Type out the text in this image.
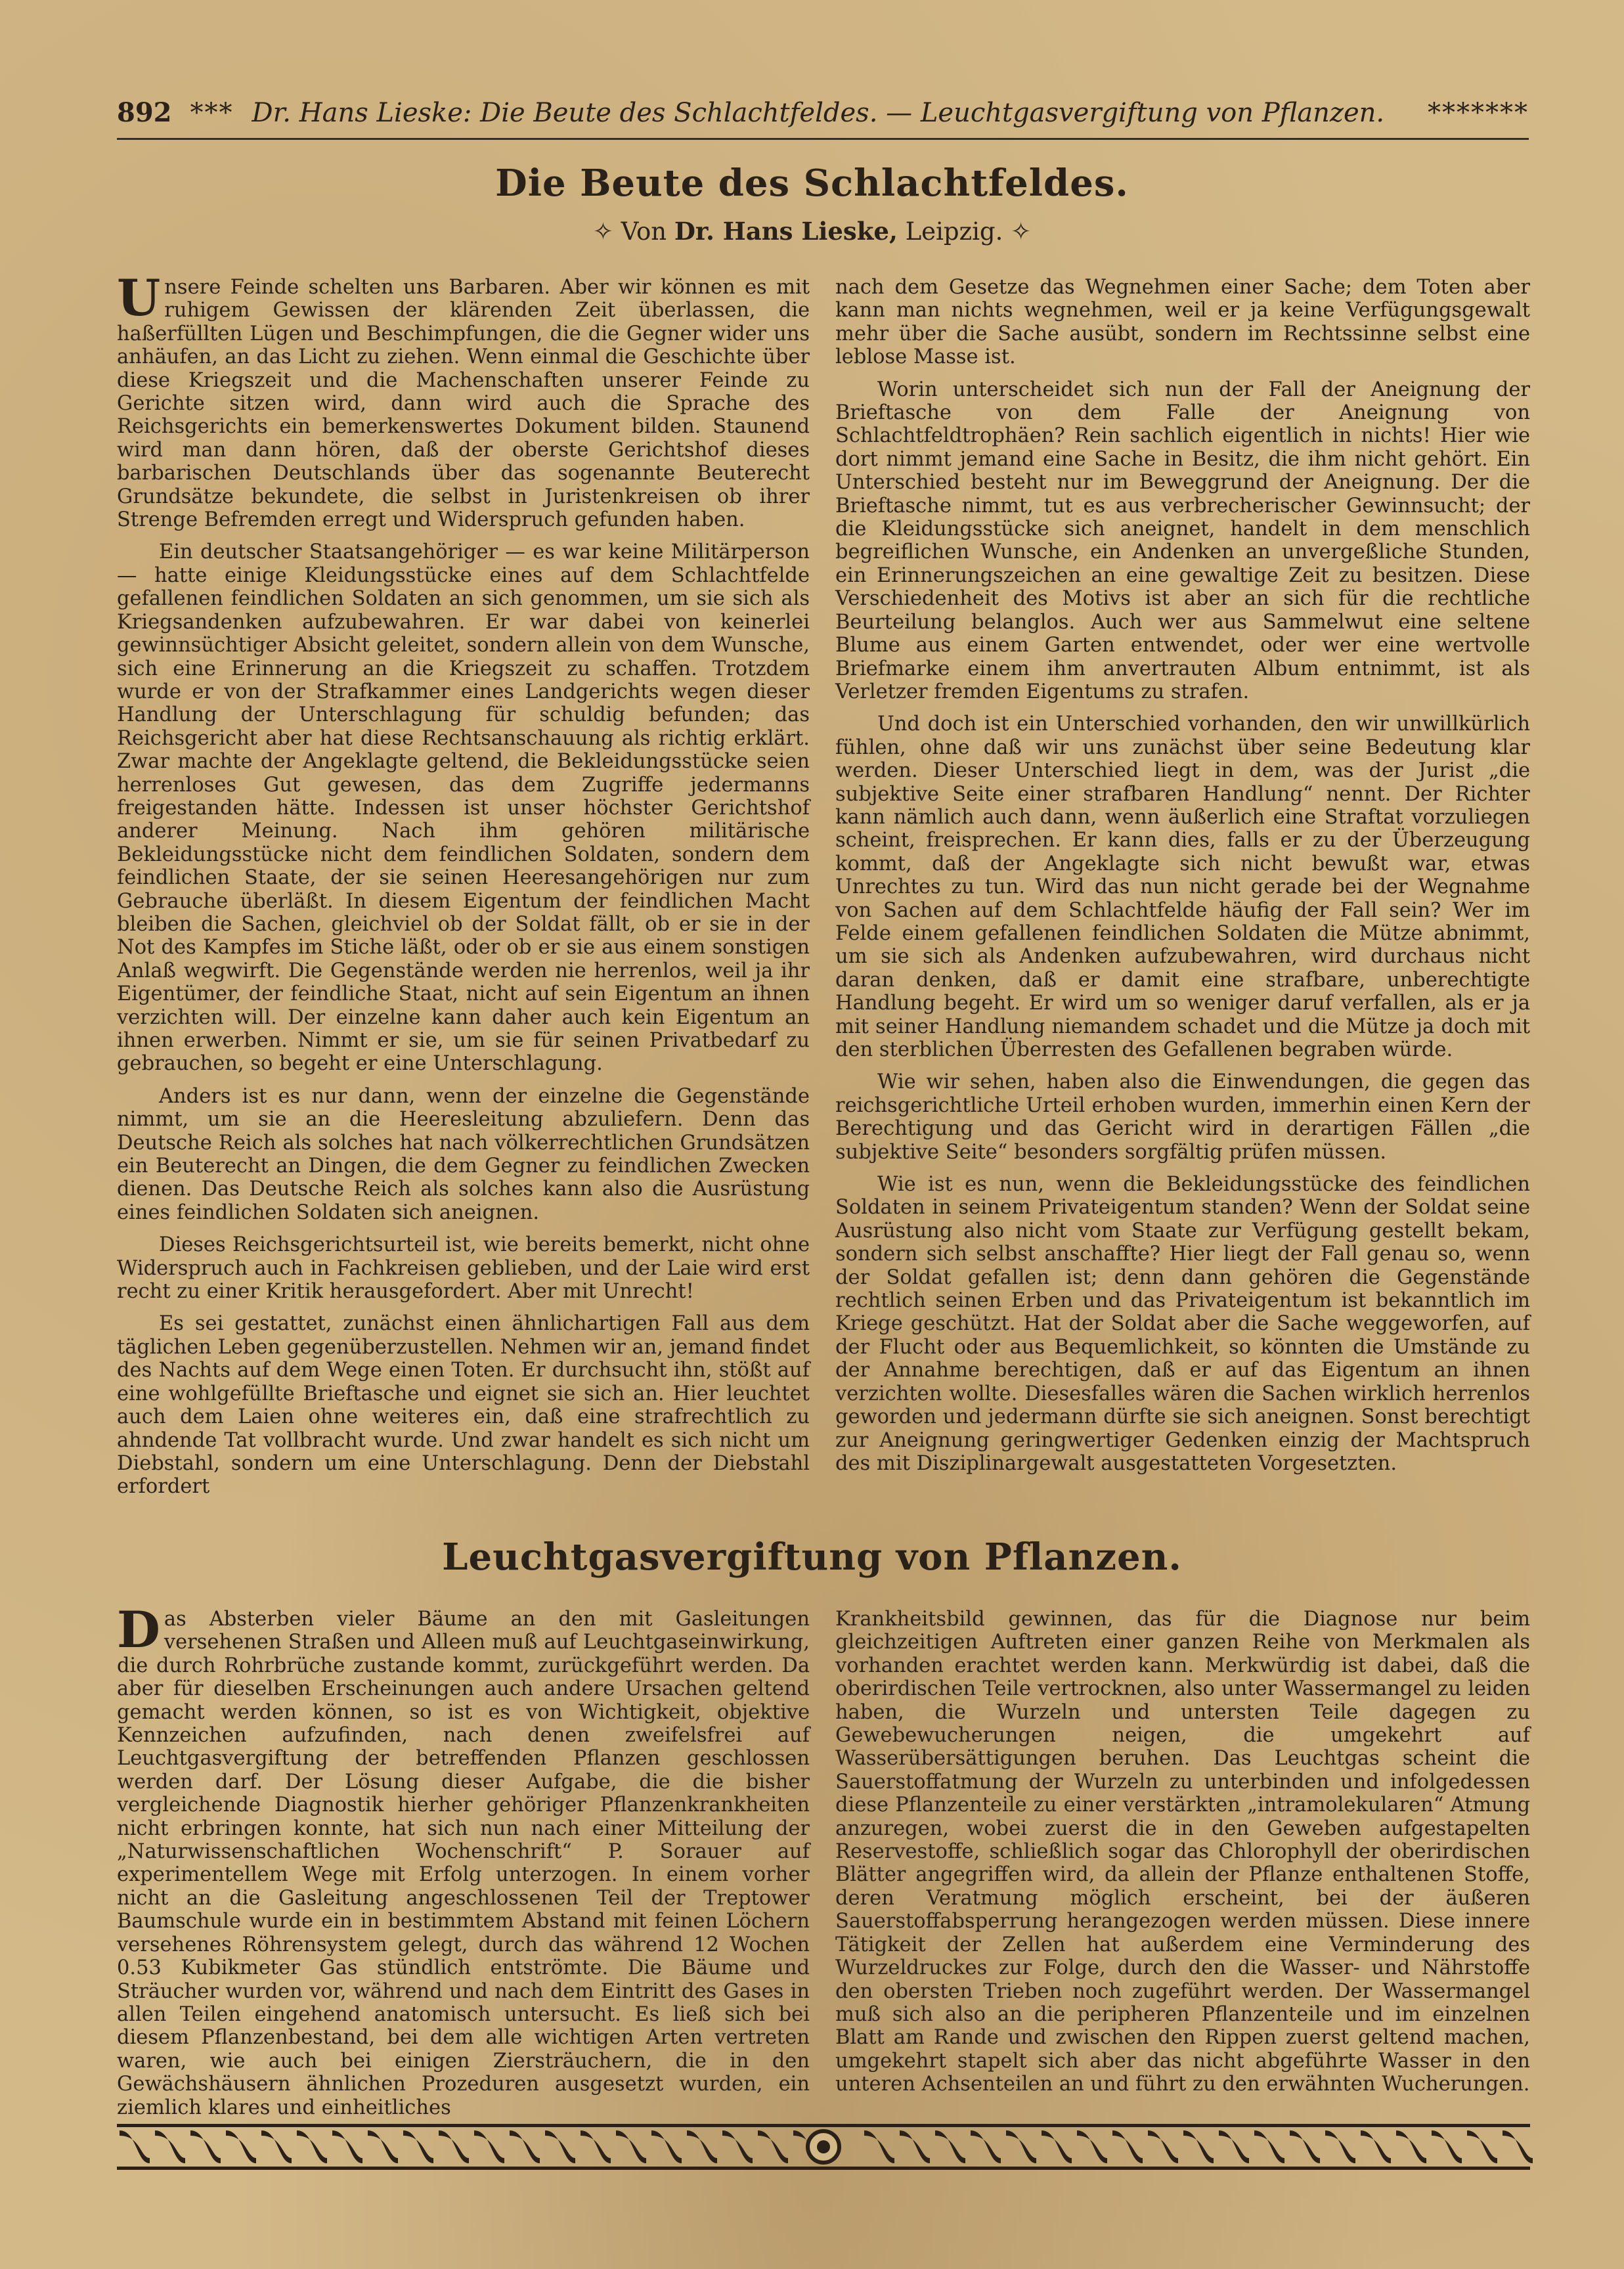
892 *** Dr. Hans Lieske: Die Beute des Schlachtfeldes. — Leuchtgasvergiftung von Pflanzen.	*******
Die Beute des Schlachtfeldes.
✧ Von Dr. Hans Lieske, Leipzig. ✧

Unsere Feinde schelten uns Barbaren. Aber wir können es mit ruhigem Gewissen der klärenden Zeit überlassen, die haßerfüllten Lügen und Beschimpfungen, die die Gegner wider uns anhäufen, an das Licht zu ziehen. Wenn einmal die Geschichte über diese Kriegszeit und die Machenschaften unserer Feinde zu Gerichte sitzen wird, dann wird auch die Sprache des Reichsgerichts ein bemerkenswertes Dokument bilden. Staunend wird man dann hören, daß der oberste Gerichtshof dieses barbarischen Deutschlands über das sogenannte Beuterecht Grundsätze bekundete, die selbst in Juristenkreisen ob ihrer Strenge Befremden erregt und Widerspruch gefunden haben.

Ein deutscher Staatsangehöriger — es war keine Militärperson — hatte einige Kleidungsstücke eines auf dem Schlachtfelde gefallenen feindlichen Soldaten an sich genommen, um sie sich als Kriegsandenken aufzubewahren. Er war dabei von keinerlei gewinnsüchtiger Absicht geleitet, sondern allein von dem Wunsche, sich eine Erinnerung an die Kriegszeit zu schaffen. Trotzdem wurde er von der Strafkammer eines Landgerichts wegen dieser Handlung der Unterschlagung für schuldig befunden; das Reichsgericht aber hat diese Rechtsanschauung als richtig erklärt. Zwar machte der Angeklagte geltend, die Bekleidungsstücke seien herrenloses Gut gewesen, das dem Zugriffe jedermanns freigestanden hätte. Indessen ist unser höchster Gerichtshof anderer Meinung. Nach ihm gehören militärische Bekleidungsstücke nicht dem feindlichen Soldaten, sondern dem feindlichen Staate, der sie seinen Heeresangehörigen nur zum Gebrauche überläßt. In diesem Eigentum der feindlichen Macht bleiben die Sachen, gleichviel ob der Soldat fällt, ob er sie in der Not des Kampfes im Stiche läßt, oder ob er sie aus einem sonstigen Anlaß wegwirft. Die Gegenstände werden nie herrenlos, weil ja ihr Eigentümer, der feindliche Staat, nicht auf sein Eigentum an ihnen verzichten will. Der einzelne kann daher auch kein Eigentum an ihnen erwerben. Nimmt er sie, um sie für seinen Privatbedarf zu gebrauchen, so begeht er eine Unterschlagung.

Anders ist es nur dann, wenn der einzelne die Gegenstände nimmt, um sie an die Heeresleitung abzuliefern. Denn das Deutsche Reich als solches hat nach völkerrechtlichen Grundsätzen ein Beuterecht an Dingen, die dem Gegner zu feindlichen Zwecken dienen. Das Deutsche Reich als solches kann also die Ausrüstung eines feindlichen Soldaten sich aneignen.

Dieses Reichsgerichtsurteil ist, wie bereits bemerkt, nicht ohne Widerspruch auch in Fachkreisen geblieben, und der Laie wird erst recht zu einer Kritik herausgefordert. Aber mit Unrecht!

Es sei gestattet, zunächst einen ähnlichartigen Fall aus dem täglichen Leben gegenüberzustellen. Nehmen wir an, jemand findet des Nachts auf dem Wege einen Toten. Er durchsucht ihn, stößt auf eine wohlgefüllte Brieftasche und eignet sie sich an. Hier leuchtet auch dem Laien ohne weiteres ein, daß eine strafrechtlich zu ahndende Tat vollbracht wurde. Und zwar handelt es sich nicht um Diebstahl, sondern um eine Unterschlagung. Denn der Diebstahl erfordert

nach dem Gesetze das Wegnehmen einer Sache; dem Toten aber kann man nichts wegnehmen, weil er ja keine Verfügungsgewalt mehr über die Sache ausübt, sondern im Rechtssinne selbst eine leblose Masse ist.

Worin unterscheidet sich nun der Fall der Aneignung der Brieftasche von dem Falle der Aneignung von Schlachtfeldtrophäen? Rein sachlich eigentlich in nichts! Hier wie dort nimmt jemand eine Sache in Besitz, die ihm nicht gehört. Ein Unterschied besteht nur im Beweggrund der Aneignung. Der die Brieftasche nimmt, tut es aus verbrecherischer Gewinnsucht; der die Kleidungsstücke sich aneignet, handelt in dem menschlich begreiflichen Wunsche, ein Andenken an unvergeßliche Stunden, ein Erinnerungszeichen an eine gewaltige Zeit zu besitzen. Diese Verschiedenheit des Motivs ist aber an sich für die rechtliche Beurteilung belanglos. Auch wer aus Sammelwut eine seltene Blume aus einem Garten entwendet, oder wer eine wertvolle Briefmarke einem ihm anvertrauten Album entnimmt, ist als Verletzer fremden Eigentums zu strafen.

Und doch ist ein Unterschied vorhanden, den wir unwillkürlich fühlen, ohne daß wir uns zunächst über seine Bedeutung klar werden. Dieser Unterschied liegt in dem, was der Jurist „die subjektive Seite einer strafbaren Handlung“ nennt. Der Richter kann nämlich auch dann, wenn äußerlich eine Straftat vorzuliegen scheint, freisprechen. Er kann dies, falls er zu der Überzeugung kommt, daß der Angeklagte sich nicht bewußt war, etwas Unrechtes zu tun. Wird das nun nicht gerade bei der Wegnahme von Sachen auf dem Schlachtfelde häufig der Fall sein? Wer im Felde einem gefallenen feindlichen Soldaten die Mütze abnimmt, um sie sich als Andenken aufzubewahren, wird durchaus nicht daran denken, daß er damit eine strafbare, unberechtigte Handlung begeht. Er wird um so weniger daruf verfallen, als er ja mit seiner Handlung niemandem schadet und die Mütze ja doch mit den sterblichen Überresten des Gefallenen begraben würde.

Wie wir sehen, haben also die Einwendungen, die gegen das reichsgerichtliche Urteil erhoben wurden, immerhin einen Kern der Berechtigung und das Gericht wird in derartigen Fällen „die subjektive Seite“ besonders sorgfältig prüfen müssen.

Wie ist es nun, wenn die Bekleidungsstücke des feindlichen Soldaten in seinem Privateigentum standen? Wenn der Soldat seine Ausrüstung also nicht vom Staate zur Verfügung gestellt bekam, sondern sich selbst anschaffte? Hier liegt der Fall genau so, wenn der Soldat gefallen ist; denn dann gehören die Gegenstände rechtlich seinen Erben und das Privateigentum ist bekanntlich im Kriege geschützt. Hat der Soldat aber die Sache weggeworfen, auf der Flucht oder aus Bequemlichkeit, so könnten die Umstände zu der Annahme berechtigen, daß er auf das Eigentum an ihnen verzichten wollte. Diesesfalles wären die Sachen wirklich herrenlos geworden und jedermann dürfte sie sich aneignen. Sonst berechtigt zur Aneignung geringwertiger Gedenken einzig der Machtspruch des mit Disziplinargewalt ausgestatteten Vorgesetzten.

Leuchtgasvergiftung von Pflanzen.

Das Absterben vieler Bäume an den mit Gasleitungen versehenen Straßen und Alleen muß auf Leuchtgaseinwirkung, die durch Rohrbrüche zustande kommt, zurückgeführt werden. Da aber für dieselben Erscheinungen auch andere Ursachen geltend gemacht werden können, so ist es von Wichtigkeit, objektive Kennzeichen aufzufinden, nach denen zweifelsfrei auf Leuchtgasvergiftung der betreffenden Pflanzen geschlossen werden darf. Der Lösung dieser Aufgabe, die die bisher vergleichende Diagnostik hierher gehöriger Pflanzenkrankheiten nicht erbringen konnte, hat sich nun nach einer Mitteilung der „Naturwissenschaftlichen Wochenschrift“ P. Sorauer auf experimentellem Wege mit Erfolg unterzogen. In einem vorher nicht an die Gasleitung angeschlossenen Teil der Treptower Baumschule wurde ein in bestimmtem Abstand mit feinen Löchern versehenes Röhrensystem gelegt, durch das während 12 Wochen 0.53 Kubikmeter Gas stündlich entströmte. Die Bäume und Sträucher wurden vor, während und nach dem Eintritt des Gases in allen Teilen eingehend anatomisch untersucht. Es ließ sich bei diesem Pflanzenbestand, bei dem alle wichtigen Arten vertreten waren, wie auch bei einigen Ziersträuchern, die in den Gewächshäusern ähnlichen Prozeduren ausgesetzt wurden, ein ziemlich klares und einheitliches

Krankheitsbild gewinnen, das für die Diagnose nur beim gleichzeitigen Auftreten einer ganzen Reihe von Merkmalen als vorhanden erachtet werden kann. Merkwürdig ist dabei, daß die oberirdischen Teile vertrocknen, also unter Wassermangel zu leiden haben, die Wurzeln und untersten Teile dagegen zu Gewebewucherungen neigen, die umgekehrt auf Wasserübersättigungen beruhen. Das Leuchtgas scheint die Sauerstoffatmung der Wurzeln zu unterbinden und infolgedessen diese Pflanzenteile zu einer verstärkten „intramolekularen“ Atmung anzuregen, wobei zuerst die in den Geweben aufgestapelten Reservestoffe, schließlich sogar das Chlorophyll der oberirdischen Blätter angegriffen wird, da allein der Pflanze enthaltenen Stoffe, deren Veratmung möglich erscheint, bei der äußeren Sauerstoffabsperrung herangezogen werden müssen. Diese innere Tätigkeit der Zellen hat außerdem eine Verminderung des Wurzeldruckes zur Folge, durch den die Wasser- und Nährstoffe den obersten Trieben noch zugeführt werden. Der Wassermangel muß sich also an die peripheren Pflanzenteile und im einzelnen Blatt am Rande und zwischen den Rippen zuerst geltend machen, umgekehrt stapelt sich aber das nicht abgeführte Wasser in den unteren Achsenteilen an und führt zu den erwähnten Wucherungen.
